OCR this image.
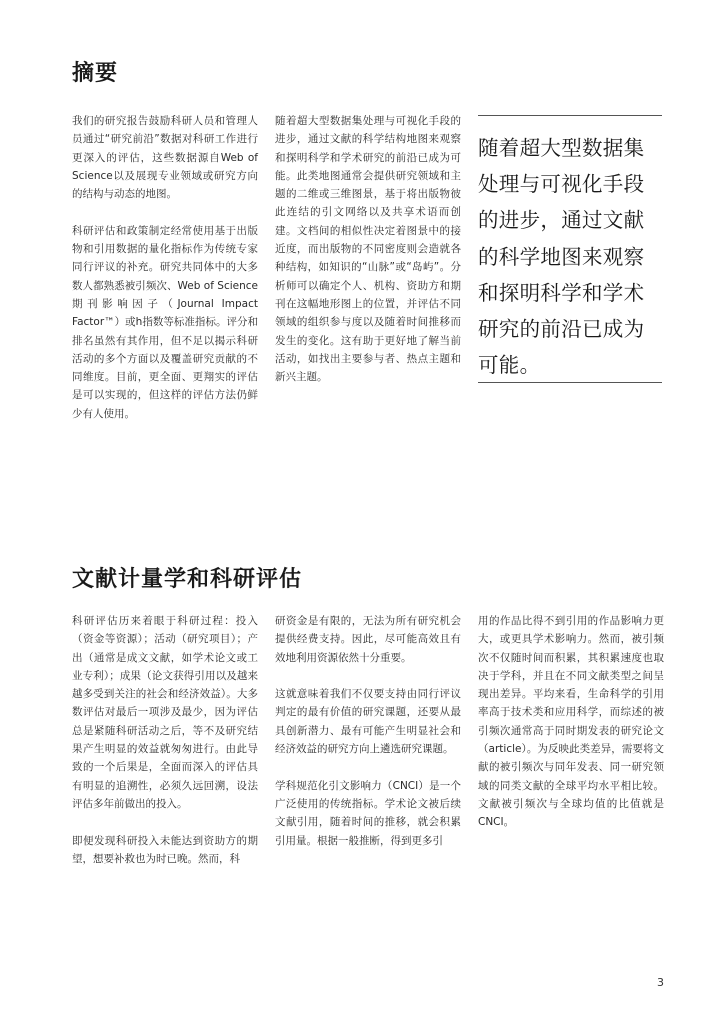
摘要

我们的研究报告鼓励科研人员和管理人员通过“研究前沿”数据对科研工作进行更深入的评估，这些数据源自Web of Science以及展现专业领域或研究方向的结构与动态的地图。

科研评估和政策制定经常使用基于出版物和引用数据的量化指标作为传统专家同行评议的补充。研究共同体中的大多数人都熟悉被引频次、Web of Science期刊影响因子（Journal Impact Factor™）或h指数等标准指标。评分和排名虽然有其作用，但不足以揭示科研活动的多个方面以及覆盖研究贡献的不同维度。目前，更全面、更翔实的评估是可以实现的，但这样的评估方法仍鲜少有人使用。

随着超大型数据集处理与可视化手段的进步，通过文献的科学结构地图来观察和探明科学和学术研究的前沿已成为可能。此类地图通常会提供研究领域和主题的二维或三维图景，基于将出版物彼此连结的引文网络以及共享术语而创建。文档间的相似性决定着图景中的接近度，而出版物的不同密度则会造就各种结构，如知识的“山脉”或“岛屿”。分析师可以确定个人、机构、资助方和期刊在这幅地形图上的位置，并评估不同领域的组织参与度以及随着时间推移而发生的变化。这有助于更好地了解当前活动，如找出主要参与者、热点主题和新兴主题。

随着超大型数据集处理与可视化手段的进步，通过文献的科学地图来观察和探明科学和学术研究的前沿已成为可能。

文献计量学和科研评估

科研评估历来着眼于科研过程：投入（资金等资源）；活动（研究项目）；产出（通常是成文文献，如学术论文或工业专利）；成果（论文获得引用以及越来越多受到关注的社会和经济效益）。大多数评估对最后一项涉及最少，因为评估总是紧随科研活动之后，等不及研究结果产生明显的效益就匆匆进行。由此导致的一个后果是，全面而深入的评估具有明显的追溯性，必须久远回溯，设法评估多年前做出的投入。

即便发现科研投入未能达到资助方的期望，想要补救也为时已晚。然而，科

研资金是有限的，无法为所有研究机会提供经费支持。因此，尽可能高效且有效地利用资源依然十分重要。

这就意味着我们不仅要支持由同行评议判定的最有价值的研究课题，还要从最具创新潜力、最有可能产生明显社会和经济效益的研究方向上遴选研究课题。

学科规范化引文影响力（CNCI）是一个广泛使用的传统指标。学术论文被后续文献引用，随着时间的推移，就会积累引用量。根据一般推断，得到更多引

用的作品比得不到引用的作品影响力更大，或更具学术影响力。然而，被引频次不仅随时间而积累，其积累速度也取决于学科，并且在不同文献类型之间呈现出差异。平均来看，生命科学的引用率高于技术类和应用科学，而综述的被引频次通常高于同时期发表的研究论文（article）。为反映此类差异，需要将文献的被引频次与同年发表、同一研究领域的同类文献的全球平均水平相比较。文献被引频次与全球均值的比值就是CNCI。

3
